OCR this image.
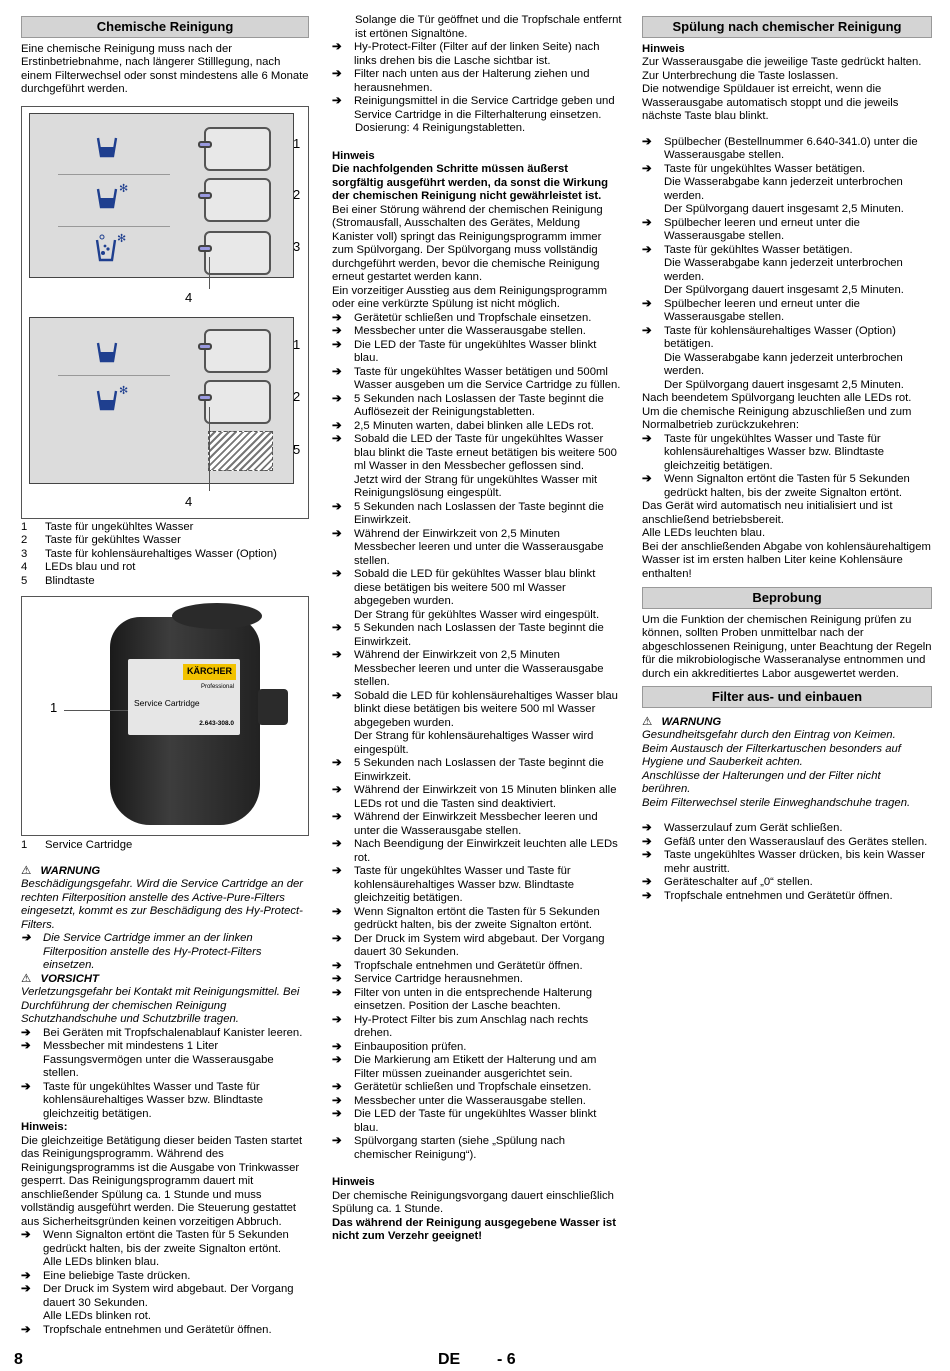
Chemische Reinigung

Eine chemische Reinigung muss nach der Erstinbetriebnahme, nach längerer Stilllegung, nach einem Filterwechsel oder sonst mindestens alle 6 Monate durchgeführt werden.

✻
✻
1
2
3
4
✻
1
2
5
4
1	Taste für ungekühltes Wasser
2	Taste für gekühltes Wasser
3	Taste für kohlensäurehaltiges Wasser (Option)
4	LEDs blau und rot
5	Blindtaste
KÄRCHER
Professional
Service Cartridge
2.643-308.0
1
1	Service Cartridge

⚠   WARNUNG

Beschädigungsgefahr. Wird die Service Cartridge an der rechten Filterposition anstelle des Active-Pure-Filters eingesetzt, kommt es zur Beschädigung des Hy-Protect-Filters.

➔	Die Service Cartridge immer an der linken Filterposition anstelle des Hy-Protect-Filters einsetzen.

⚠   VORSICHT

Verletzungsgefahr bei Kontakt mit Reinigungsmittel. Bei Durchführung der chemischen Reinigung Schutzhandschuhe und Schutzbrille tragen.

➔	Bei Geräten mit Tropfschalenablauf Kanister leeren.
➔	Messbecher mit mindestens 1 Liter Fassungsvermögen unter die Wasserausgabe stellen.
➔	Taste für ungekühltes Wasser und Taste für kohlensäurehaltiges Wasser bzw. Blindtaste gleichzeitig betätigen.

Hinweis:

Die gleichzeitige Betätigung dieser beiden Tasten startet das Reinigungsprogramm. Während des Reinigungsprogramms ist die Ausgabe von Trinkwasser gesperrt. Das Reinigungsprogramm dauert mit anschließender Spülung ca. 1 Stunde und muss vollständig ausgeführt werden. Die Steuerung gestattet aus Sicherheitsgründen keinen vorzeitigen Abbruch.

➔	Wenn Signalton ertönt die Tasten für 5 Sekunden gedrückt halten, bis der zweite Signalton ertönt.
Alle LEDs blinken blau.
➔	Eine beliebige Taste drücken.
➔	Der Druck im System wird abgebaut. Der Vorgang dauert 30 Sekunden.
Alle LEDs blinken rot.
➔	Tropfschale entnehmen und Gerätetür öffnen.

Solange die Tür geöffnet und die Tropfschale entfernt ist ertönen Signaltöne.

➔	Hy-Protect-Filter (Filter auf der linken Seite) nach links drehen bis die Lasche sichtbar ist.
➔	Filter nach unten aus der Halterung ziehen und herausnehmen.
➔	Reinigungsmittel in die Service Cartridge geben und Service Cartridge in die Filterhalterung einsetzen.

Dosierung: 4 Reinigungstabletten.

Hinweis

Die nachfolgenden Schritte müssen äußerst sorgfältig ausgeführt werden, da sonst die Wirkung der chemischen Reinigung nicht gewährleistet ist.

Bei einer Störung während der chemischen Reinigung (Stromausfall, Ausschalten des Gerätes, Meldung Kanister voll) springt das Reinigungsprogramm immer zum Spülvorgang. Der Spülvorgang muss vollständig durchgeführt werden, bevor die chemische Reinigung erneut gestartet werden kann.

Ein vorzeitiger Ausstieg aus dem Reinigungsprogramm oder eine verkürzte Spülung ist nicht möglich.

➔	Gerätetür schließen und Tropfschale einsetzen.
➔	Messbecher unter die Wasserausgabe stellen.
➔	Die LED der Taste für ungekühltes Wasser blinkt blau.
➔	Taste für ungekühltes Wasser betätigen und 500ml Wasser ausgeben um die Service Cartridge zu füllen.
➔	5 Sekunden nach Loslassen der Taste beginnt die Auflösezeit der Reinigungstabletten.
➔	2,5 Minuten warten, dabei blinken alle LEDs rot.
➔	Sobald die LED der Taste für ungekühltes Wasser blau blinkt die Taste erneut betätigen bis weitere 500 ml Wasser in den Messbecher geflossen sind.
Jetzt wird der Strang für ungekühltes Wasser mit Reinigungslösung eingespült.
➔	5 Sekunden nach Loslassen der Taste beginnt die Einwirkzeit.
➔	Während der Einwirkzeit von 2,5 Minuten Messbecher leeren und unter die Wasserausgabe stellen.
➔	Sobald die LED für gekühltes Wasser blau blinkt diese betätigen bis weitere 500 ml Wasser abgegeben wurden.
Der Strang für gekühltes Wasser wird eingespült.
➔	5 Sekunden nach Loslassen der Taste beginnt die Einwirkzeit.
➔	Während der Einwirkzeit von 2,5 Minuten Messbecher leeren und unter die Wasserausgabe stellen.
➔	Sobald die LED für kohlensäurehaltiges Wasser blau blinkt diese betätigen bis weitere 500 ml Wasser abgegeben wurden.
Der Strang für kohlensäurehaltiges Wasser wird eingespült.
➔	5 Sekunden nach Loslassen der Taste beginnt die Einwirkzeit.
➔	Während der Einwirkzeit von 15 Minuten blinken alle LEDs rot und die Tasten sind deaktiviert.
➔	Während der Einwirkzeit Messbecher leeren und unter die Wasserausgabe stellen.
➔	Nach Beendigung der Einwirkzeit leuchten alle LEDs rot.
➔	Taste für ungekühltes Wasser und Taste für kohlensäurehaltiges Wasser bzw. Blindtaste gleichzeitig betätigen.
➔	Wenn Signalton ertönt die Tasten für 5 Sekunden gedrückt halten, bis der zweite Signalton ertönt.
➔	Der Druck im System wird abgebaut. Der Vorgang dauert 30 Sekunden.
➔	Tropfschale entnehmen und Gerätetür öffnen.
➔	Service Cartridge herausnehmen.
➔	Filter von unten in die entsprechende Halterung einsetzen. Position der Lasche beachten.
➔	Hy-Protect Filter bis zum Anschlag nach rechts drehen.
➔	Einbauposition prüfen.
➔	Die Markierung am Etikett der Halterung und am Filter müssen zueinander ausgerichtet sein.
➔	Gerätetür schließen und Tropfschale einsetzen.
➔	Messbecher unter die Wasserausgabe stellen.
➔	Die LED der Taste für ungekühltes Wasser blinkt blau.
➔	Spülvorgang starten (siehe „Spülung nach chemischer Reinigung“).

Hinweis

Der chemische Reinigungsvorgang dauert einschließlich Spülung ca. 1 Stunde.

Das während der Reinigung ausgegebene Wasser ist nicht zum Verzehr geeignet!

Spülung nach chemischer Reinigung

Hinweis

Zur Wasserausgabe die jeweilige Taste gedrückt halten.

Zur Unterbrechung die Taste loslassen.

Die notwendige Spüldauer ist erreicht, wenn die Wasserausgabe automatisch stoppt und die jeweils nächste Taste blau blinkt.

➔	Spülbecher (Bestellnummer 6.640-341.0) unter die Wasserausgabe stellen.
➔	Taste für ungekühltes Wasser betätigen.
Die Wasserabgabe kann jederzeit unterbrochen werden.
Der Spülvorgang dauert insgesamt 2,5 Minuten.
➔	Spülbecher leeren und erneut unter die Wasserausgabe stellen.
➔	Taste für gekühltes Wasser betätigen.
Die Wasserabgabe kann jederzeit unterbrochen werden.
Der Spülvorgang dauert insgesamt 2,5 Minuten.
➔	Spülbecher leeren und erneut unter die Wasserausgabe stellen.
➔	Taste für kohlensäurehaltiges Wasser (Option) betätigen.
Die Wasserabgabe kann jederzeit unterbrochen werden.
Der Spülvorgang dauert insgesamt 2,5 Minuten.

Nach beendetem Spülvorgang leuchten alle LEDs rot. Um die chemische Reinigung abzuschließen und zum Normalbetrieb zurückzukehren:

➔	Taste für ungekühltes Wasser und Taste für kohlensäurehaltiges Wasser bzw. Blindtaste gleichzeitig betätigen.
➔	Wenn Signalton ertönt die Tasten für 5 Sekunden gedrückt halten, bis der zweite Signalton ertönt.

Das Gerät wird automatisch neu initialisiert und ist anschließend betriebsbereit.

Alle LEDs leuchten blau.

Bei der anschließenden Abgabe von kohlensäurehaltigem Wasser ist im ersten halben Liter keine Kohlensäure enthalten!

Beprobung

Um die Funktion der chemischen Reinigung prüfen zu können, sollten Proben unmittelbar nach der abgeschlossenen Reinigung, unter Beachtung der Regeln für die mikrobiologische Wasseranalyse entnommen und durch ein akkreditiertes Labor ausgewertet werden.

Filter aus- und einbauen

⚠   WARNUNG

Gesundheitsgefahr durch den Eintrag von Keimen.

Beim Austausch der Filterkartuschen besonders auf Hygiene und Sauberkeit achten.

Anschlüsse der Halterungen und der Filter nicht berühren.

Beim Filterwechsel sterile Einweghandschuhe tragen.

➔	Wasserzulauf zum Gerät schließen.
➔	Gefäß unter den Wasserauslauf des Gerätes stellen.
➔	Taste ungekühltes Wasser drücken, bis kein Wasser mehr austritt.
➔	Geräteschalter auf „0“ stellen.
➔	Tropfschale entnehmen und Gerätetür öffnen.
8	DE - 6
